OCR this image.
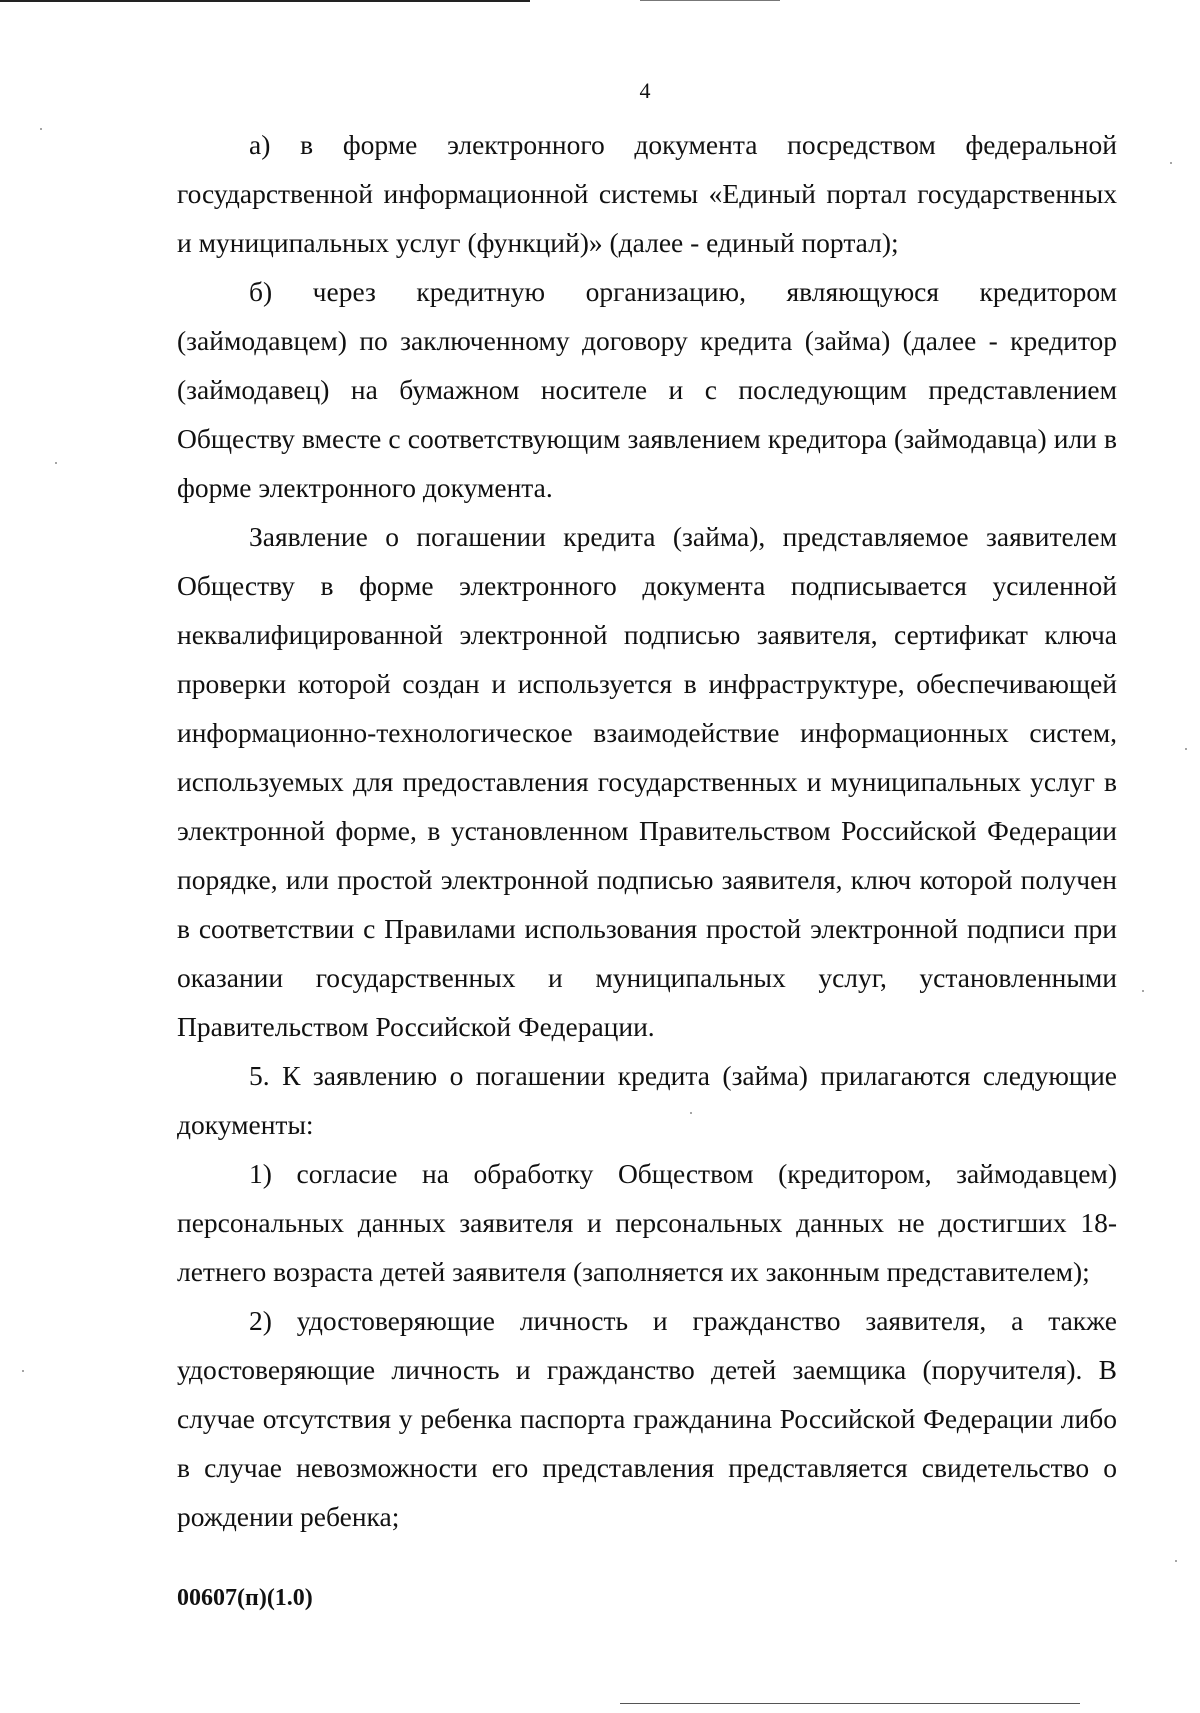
4

а) в форме электронного документа посредством федеральной государственной информационной системы «Единый портал государственных и муниципальных услуг (функций)» (далее - единый портал);

б) через кредитную организацию, являющуюся кредитором (займодавцем) по заключенному договору кредита (займа) (далее - кредитор (займодавец) на бумажном носителе и с последующим представлением Обществу вместе с соответствующим заявлением кредитора (займодавца) или в форме электронного документа.

Заявление о погашении кредита (займа), представляемое заявителем Обществу в форме электронного документа подписывается усиленной неквалифицированной электронной подписью заявителя, сертификат ключа проверки которой создан и используется в инфраструктуре, обеспечивающей информационно-технологическое взаимодействие информационных систем, используемых для предоставления государственных и муниципальных услуг в электронной форме, в установленном Правительством Российской Федерации порядке, или простой электронной подписью заявителя, ключ которой получен в соответствии с Правилами использования простой электронной подписи при оказании государственных и муниципальных услуг, установленными Правительством Российской Федерации.

5. К заявлению о погашении кредита (займа) прилагаются следующие документы:

1) согласие на обработку Обществом (кредитором, займодавцем) персональных данных заявителя и персональных данных не достигших 18-летнего возраста детей заявителя (заполняется их законным представителем);

2) удостоверяющие личность и гражданство заявителя, а также удостоверяющие личность и гражданство детей заемщика (поручителя). В случае отсутствия у ребенка паспорта гражданина Российской Федерации либо в случае невозможности его представления представляется свидетельство о рождении ребенка;

00607(п)(1.0)
